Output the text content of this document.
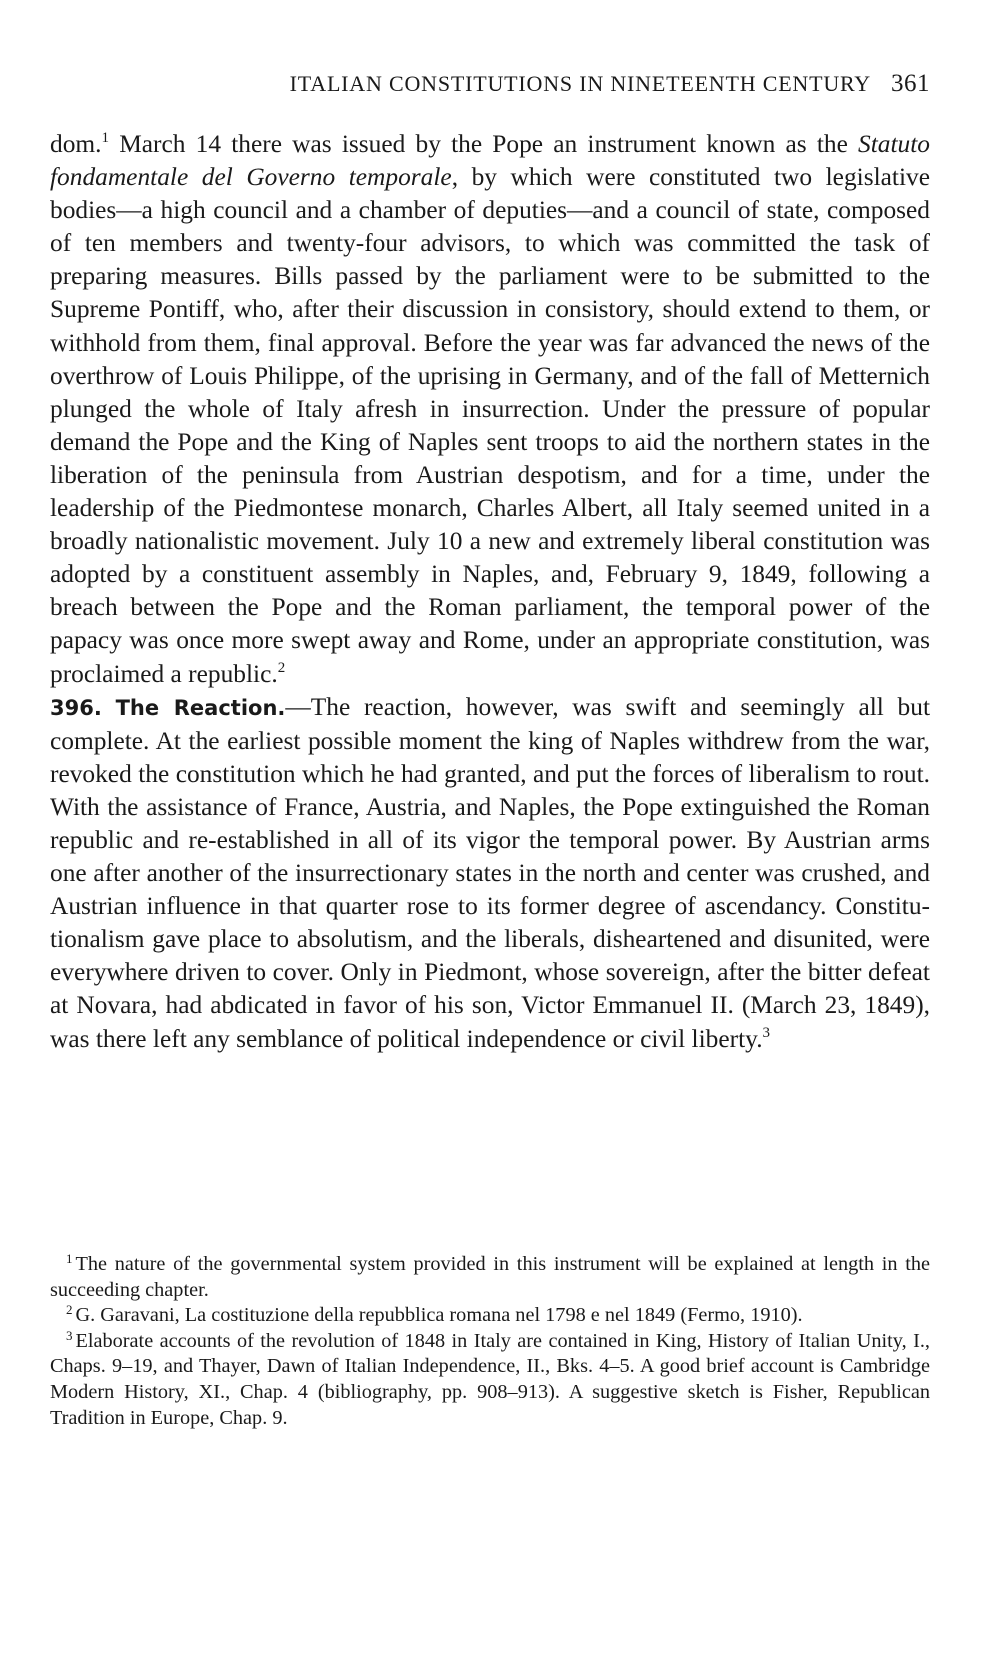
ITALIAN CONSTITUTIONS IN NINETEENTH CENTURY 361

dom.$^1$ March 14 there was issued by the Pope an instrument known as the Statuto fondamentale del Governo temporale, by which were constituted two legislative bodies—a high council and a chamber of deputies—and a council of state, composed of ten members and twenty-four advisors, to which was committed the task of preparing measures. Bills passed by the parliament were to be submitted to the Supreme Pontiff, who, after their discussion in consistory, should extend to them, or withhold from them, final approval. Before the year was far advanced the news of the overthrow of Louis Philippe, of the uprising in Germany, and of the fall of Metternich plunged the whole of Italy afresh in insurrection. Under the pressure of popular demand the Pope and the King of Naples sent troops to aid the northern states in the liberation of the peninsula from Austrian despotism, and for a time, under the leadership of the Piedmontese monarch, Charles Albert, all Italy seemed united in a broadly nationalistic movement. July 10 a new and extremely liberal constitution was adopted by a constituent assembly in Naples, and, February 9, 1849, following a breach between the Pope and the Roman parliament, the temporal power of the papacy was once more swept away and Rome, under an appropriate constitution, was proclaimed a republic.$^2$

396. The Reaction.—The reaction, however, was swift and seemingly all but complete. At the earliest possible moment the king of Naples withdrew from the war, revoked the constitution which he had granted, and put the forces of liberalism to rout. With the assistance of France, Austria, and Naples, the Pope extinguished the Roman republic and re-established in all of its vigor the temporal power. By Austrian arms one after another of the insurrectionary states in the north and center was crushed, and Austrian influence in that quarter rose to its former degree of ascendancy. Constitutionalism gave place to absolutism, and the liberals, disheartened and disunited, were everywhere driven to cover. Only in Piedmont, whose sovereign, after the bitter defeat at Novara, had abdicated in favor of his son, Victor Emmanuel II. (March 23, 1849), was there left any semblance of political independence or civil liberty.$^3$

$^1$ The nature of the governmental system provided in this instrument will be explained at length in the succeeding chapter.

$^2$ G. Garavani, La costituzione della repubblica romana nel 1798 e nel 1849 (Fermo, 1910).

$^3$ Elaborate accounts of the revolution of 1848 in Italy are contained in King, History of Italian Unity, I., Chaps. 9–19, and Thayer, Dawn of Italian Independence, II., Bks. 4–5. A good brief account is Cambridge Modern History, XI., Chap. 4 (bibliography, pp. 908–913). A suggestive sketch is Fisher, Republican Tradition in Europe, Chap. 9.
